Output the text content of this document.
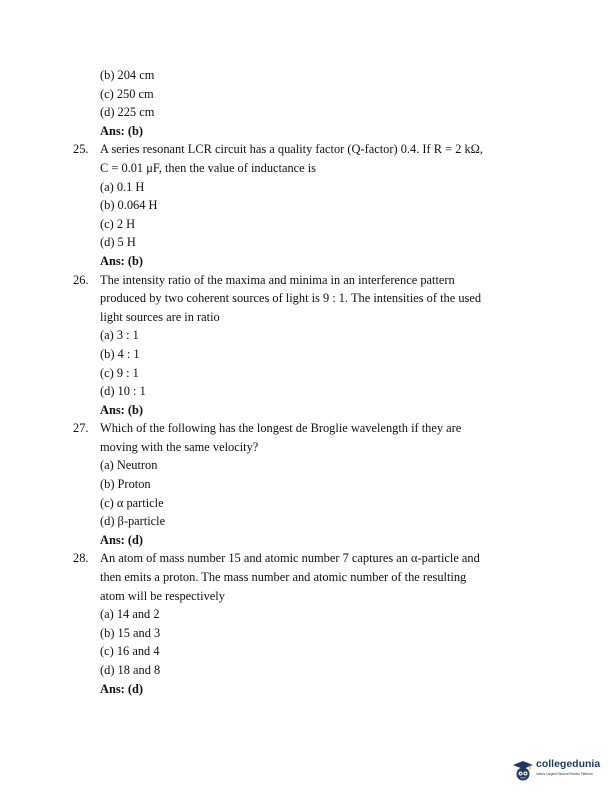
(b) 204 cm
(c) 250 cm
(d) 225 cm
Ans: (b)
25. A series resonant LCR circuit has a quality factor (Q-factor) 0.4. If R = 2 kΩ,
C = 0.01 μF, then the value of inductance is
(a) 0.1 H
(b) 0.064 H
(c) 2 H
(d) 5 H
Ans: (b)
26. The intensity ratio of the maxima and minima in an interference pattern
produced by two coherent sources of light is 9 : 1. The intensities of the used
light sources are in ratio
(a) 3 : 1
(b) 4 : 1
(c) 9 : 1
(d) 10 : 1
Ans: (b)
27. Which of the following has the longest de Broglie wavelength if they are
moving with the same velocity?
(a) Neutron
(b) Proton
(c) α particle
(d) β-particle
Ans: (d)
28. An atom of mass number 15 and atomic number 7 captures an α-particle and
then emits a proton. The mass number and atomic number of the resulting
atom will be respectively
(a) 14 and 2
(b) 15 and 3
(c) 16 and 4
(d) 18 and 8
Ans: (d)
collegedunia
India's Largest Student Review Platform
